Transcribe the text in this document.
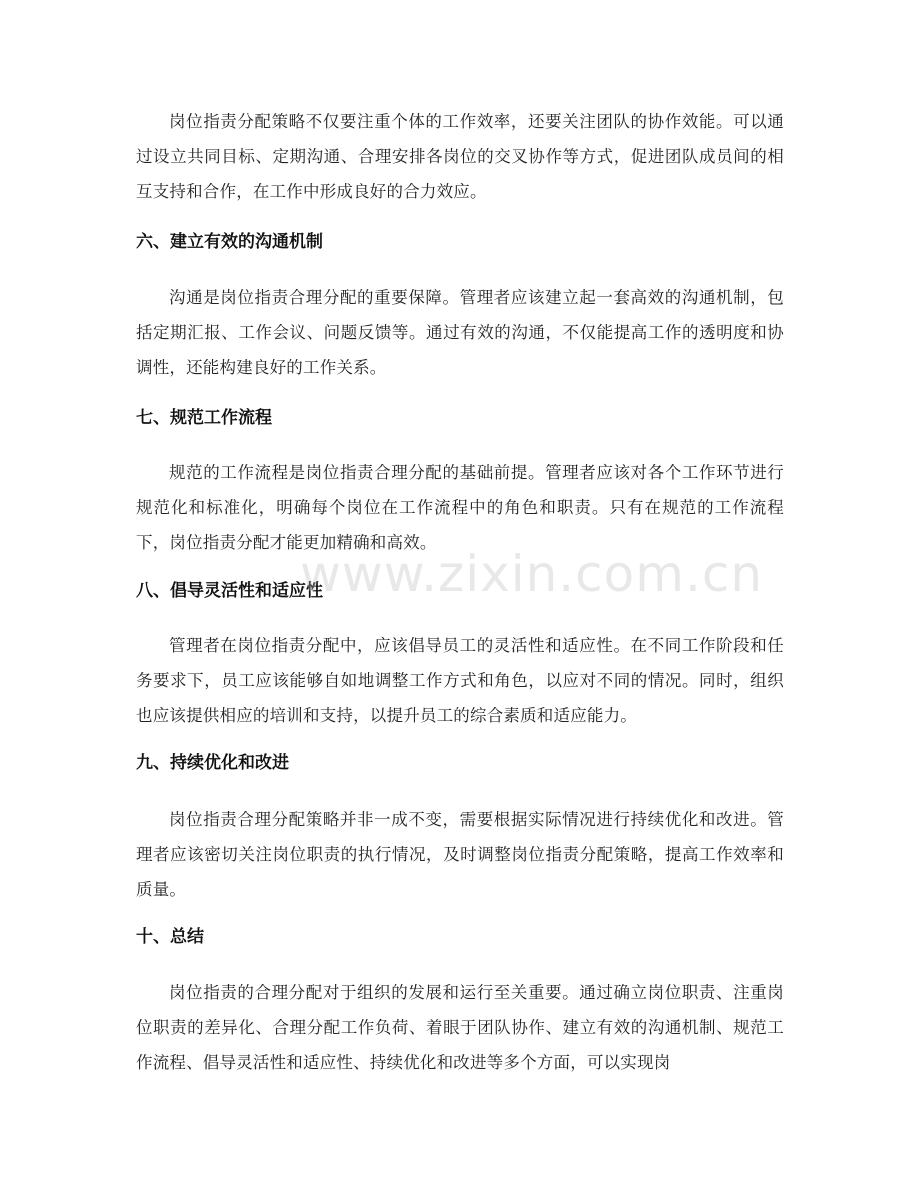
岗位指责分配策略不仅要注重个体的工作效率，还要关注团队的协作效能。可以通过设立共同目标、定期沟通、合理安排各岗位的交叉协作等方式，促进团队成员间的相互支持和合作，在工作中形成良好的合力效应。

六、建立有效的沟通机制

沟通是岗位指责合理分配的重要保障。管理者应该建立起一套高效的沟通机制，包括定期汇报、工作会议、问题反馈等。通过有效的沟通，不仅能提高工作的透明度和协调性，还能构建良好的工作关系。

七、规范工作流程

规范的工作流程是岗位指责合理分配的基础前提。管理者应该对各个工作环节进行规范化和标准化，明确每个岗位在工作流程中的角色和职责。只有在规范的工作流程下，岗位指责分配才能更加精确和高效。

八、倡导灵活性和适应性

管理者在岗位指责分配中，应该倡导员工的灵活性和适应性。在不同工作阶段和任务要求下，员工应该能够自如地调整工作方式和角色，以应对不同的情况。同时，组织也应该提供相应的培训和支持，以提升员工的综合素质和适应能力。

九、持续优化和改进

岗位指责合理分配策略并非一成不变，需要根据实际情况进行持续优化和改进。管理者应该密切关注岗位职责的执行情况，及时调整岗位指责分配策略，提高工作效率和质量。

十、总结

岗位指责的合理分配对于组织的发展和运行至关重要。通过确立岗位职责、注重岗位职责的差异化、合理分配工作负荷、着眼于团队协作、建立有效的沟通机制、规范工作流程、倡导灵活性和适应性、持续优化和改进等多个方面，可以实现岗

www.zixin.com.cn
